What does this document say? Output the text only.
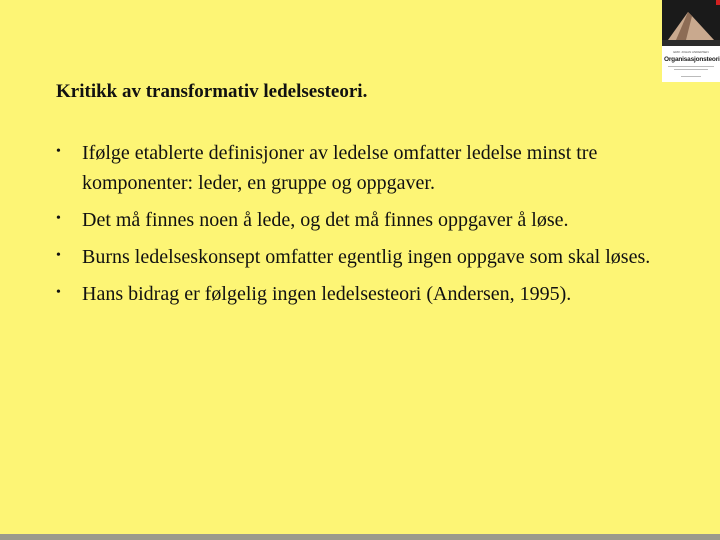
ERIK JOHAN ANDERSEN
Organisasjonsteori
Kritikk av transformativ ledelsesteori.
• Ifølge etablerte definisjoner av ledelse omfatter ledelse minst tre komponenter: leder, en gruppe og oppgaver.
• Det må finnes noen å lede, og det må finnes oppgaver å løse.
• Burns ledelseskonsept omfatter egentlig ingen oppgave som skal løses.
• Hans bidrag er følgelig ingen ledelsesteori (Andersen, 1995).
